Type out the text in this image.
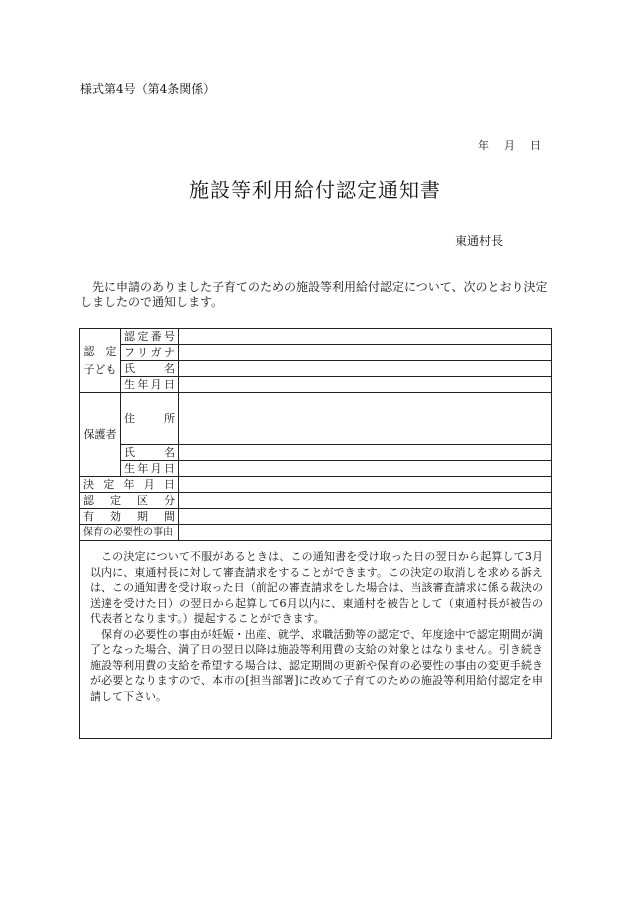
様式第4号（第4条関係）
年 月 日
施設等利用給付認定通知書
東通村長
先に申請のありました子育てのための施設等利用給付認定について、次のとおり決定しましたので通知します。
認　定
子ども	認定番号	
	フリガナ	
	氏名	
	生年月日	
保護者	住所	
	氏名	
	生年月日	
決定年月日		
認定区分		
有効期間		
保育の必要性の事由		

この決定について不服があるときは、この通知書を受け取った日の翌日から起算して3月以内に、東通村長に対して審査請求をすることができます。この決定の取消しを求める訴えは、この通知書を受け取った日（前記の審査請求をした場合は、当該審査請求に係る裁決の送達を受けた日）の翌日から起算して6月以内に、東通村を被告として（東通村長が被告の代表者となります。）提起することができます。

保育の必要性の事由が妊娠・出産、就学、求職活動等の認定で、年度途中で認定期間が満了となった場合、満了日の翌日以降は施設等利用費の支給の対象とはなりません。引き続き施設等利用費の支給を希望する場合は、認定期間の更新や保育の必要性の事由の変更手続きが必要となりますので、本市の[担当部署]に改めて子育てのための施設等利用給付認定を申請して下さい。
